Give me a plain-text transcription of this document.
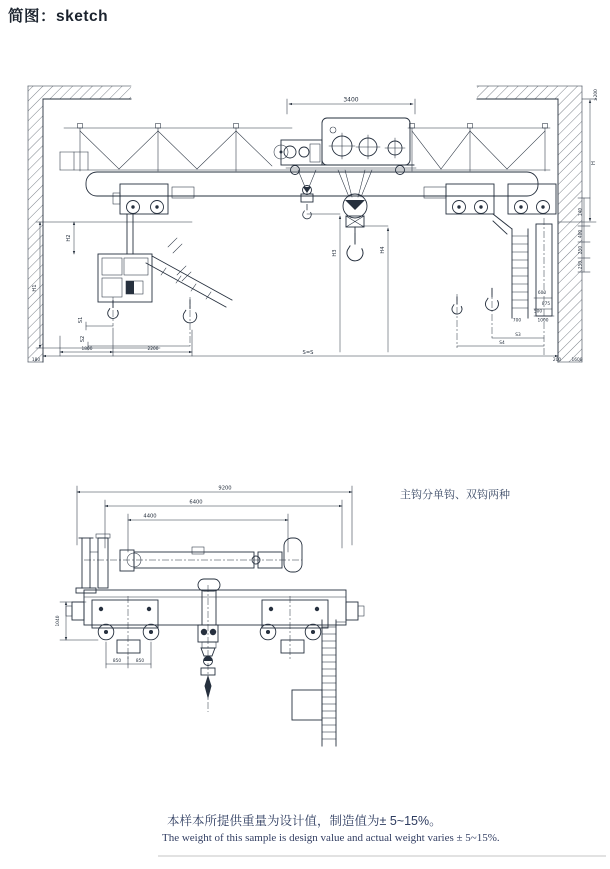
简图：sketch
3400
H3	H4
H1
H2
S1
S2
1800	2200
S=S
180	200 1600
600
875
500
1000
700
S3
S4
H
≥200
140
400
250
250
9200
6400
4400
850	850
1040
主钩分单钩、双钩两种
本样本所提供重量为设计值，制造值为± 5~15%。
The weight of this sample is design value and actual weight varies ± 5~15%.
